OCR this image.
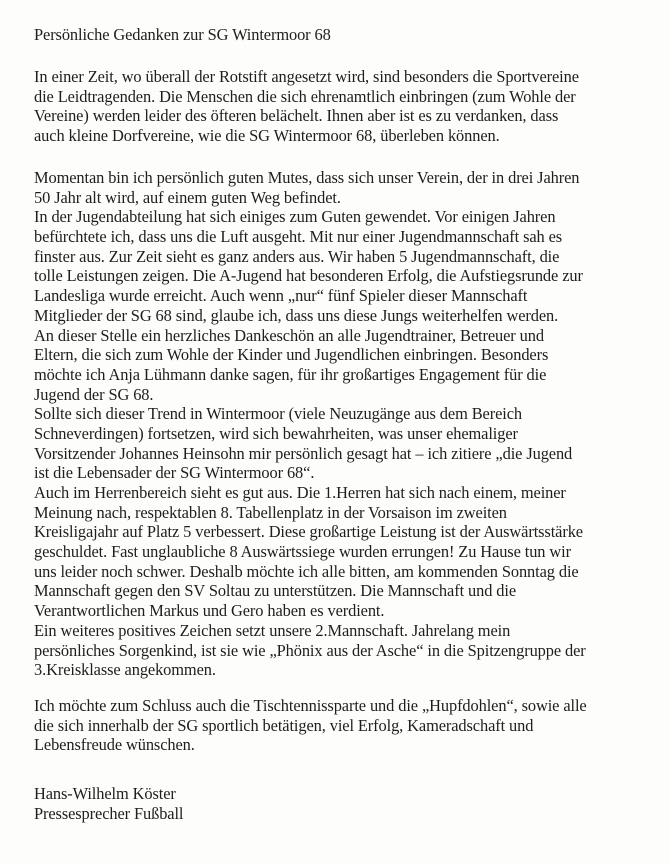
Persönliche Gedanken zur SG Wintermoor 68
In einer Zeit, wo überall der Rotstift angesetzt wird, sind besonders die Sportvereine
die Leidtragenden. Die Menschen die sich ehrenamtlich einbringen (zum Wohle der
Vereine) werden leider des öfteren belächelt. Ihnen aber ist es zu verdanken, dass
auch kleine Dorfvereine, wie die SG Wintermoor 68, überleben können.
Momentan bin ich persönlich guten Mutes, dass sich unser Verein, der in drei Jahren
50 Jahr alt wird, auf einem guten Weg befindet.
In der Jugendabteilung hat sich einiges zum Guten gewendet. Vor einigen Jahren
befürchtete ich, dass uns die Luft ausgeht. Mit nur einer Jugendmannschaft sah es
finster aus. Zur Zeit sieht es ganz anders aus. Wir haben 5 Jugendmannschaft, die
tolle Leistungen zeigen. Die A-Jugend hat besonderen Erfolg, die Aufstiegsrunde zur
Landesliga wurde erreicht. Auch wenn „nur“ fünf Spieler dieser Mannschaft
Mitglieder der SG 68 sind, glaube ich, dass uns diese Jungs weiterhelfen werden.
An dieser Stelle ein herzliches Dankeschön an alle Jugendtrainer, Betreuer und
Eltern, die sich zum Wohle der Kinder und Jugendlichen einbringen. Besonders
möchte ich Anja Lühmann danke sagen, für ihr großartiges Engagement für die
Jugend der SG 68.
Sollte sich dieser Trend in Wintermoor (viele Neuzugänge aus dem Bereich
Schneverdingen) fortsetzen, wird sich bewahrheiten, was unser ehemaliger
Vorsitzender Johannes Heinsohn mir persönlich gesagt hat – ich zitiere „die Jugend
ist die Lebensader der SG Wintermoor 68“.
Auch im Herrenbereich sieht es gut aus. Die 1.Herren hat sich nach einem, meiner
Meinung nach, respektablen 8. Tabellenplatz in der Vorsaison im zweiten
Kreisligajahr auf Platz 5 verbessert. Diese großartige Leistung ist der Auswärtsstärke
geschuldet. Fast unglaubliche 8 Auswärtssiege wurden errungen! Zu Hause tun wir
uns leider noch schwer. Deshalb möchte ich alle bitten, am kommenden Sonntag die
Mannschaft gegen den SV Soltau zu unterstützen. Die Mannschaft und die
Verantwortlichen Markus und Gero haben es verdient.
Ein weiteres positives Zeichen setzt unsere 2.Mannschaft. Jahrelang mein
persönliches Sorgenkind, ist sie wie „Phönix aus der Asche“ in die Spitzengruppe der
3.Kreisklasse angekommen.
Ich möchte zum Schluss auch die Tischtennissparte und die „Hupfdohlen“, sowie alle
die sich innerhalb der SG sportlich betätigen, viel Erfolg, Kameradschaft und
Lebensfreude wünschen.
Hans-Wilhelm Köster
Pressesprecher Fußball
